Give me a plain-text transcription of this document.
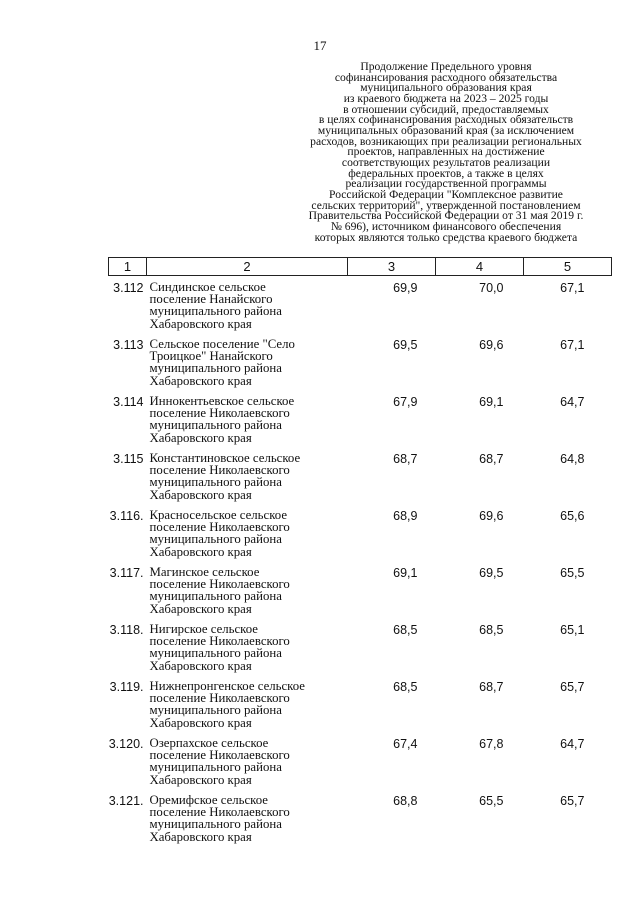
17
Продолжение Предельного уровня
софинансирования расходного обязательства
муниципального образования края
из краевого бюджета на 2023 – 2025 годы
в отношении субсидий, предоставляемых
в целях софинансирования расходных обязательств
муниципальных образований края (за исключением
расходов, возникающих при реализации региональных
проектов, направленных на достижение
соответствующих результатов реализации
федеральных проектов, а также в целях
реализации государственной программы
Российской Федерации "Комплексное развитие
сельских территорий", утвержденной постановлением
Правительства Российской Федерации от 31 мая 2019 г.
№ 696), источником финансового обеспечения
которых являются только средства краевого бюджета
1	2	3	4	5
3.112	Синдинское сельское
поселение Нанайского
муниципального района
Хабаровского края	69,9	70,0	67,1
3.113	Сельское поселение "Село
Троицкое" Нанайского
муниципального района
Хабаровского края	69,5	69,6	67,1
3.114	Иннокентьевское сельское
поселение Николаевского
муниципального района
Хабаровского края	67,9	69,1	64,7
3.115	Константиновское сельское
поселение Николаевского
муниципального района
Хабаровского края	68,7	68,7	64,8
3.116.	Красносельское сельское
поселение Николаевского
муниципального района
Хабаровского края	68,9	69,6	65,6
3.117.	Магинское сельское
поселение Николаевского
муниципального района
Хабаровского края	69,1	69,5	65,5
3.118.	Нигирское сельское
поселение Николаевского
муниципального района
Хабаровского края	68,5	68,5	65,1
3.119.	Нижнепронгенское сельское
поселение Николаевского
муниципального района
Хабаровского края	68,5	68,7	65,7
3.120.	Озерпахское сельское
поселение Николаевского
муниципального района
Хабаровского края	67,4	67,8	64,7
3.121.	Оремифское сельское
поселение Николаевского
муниципального района
Хабаровского края	68,8	65,5	65,7
